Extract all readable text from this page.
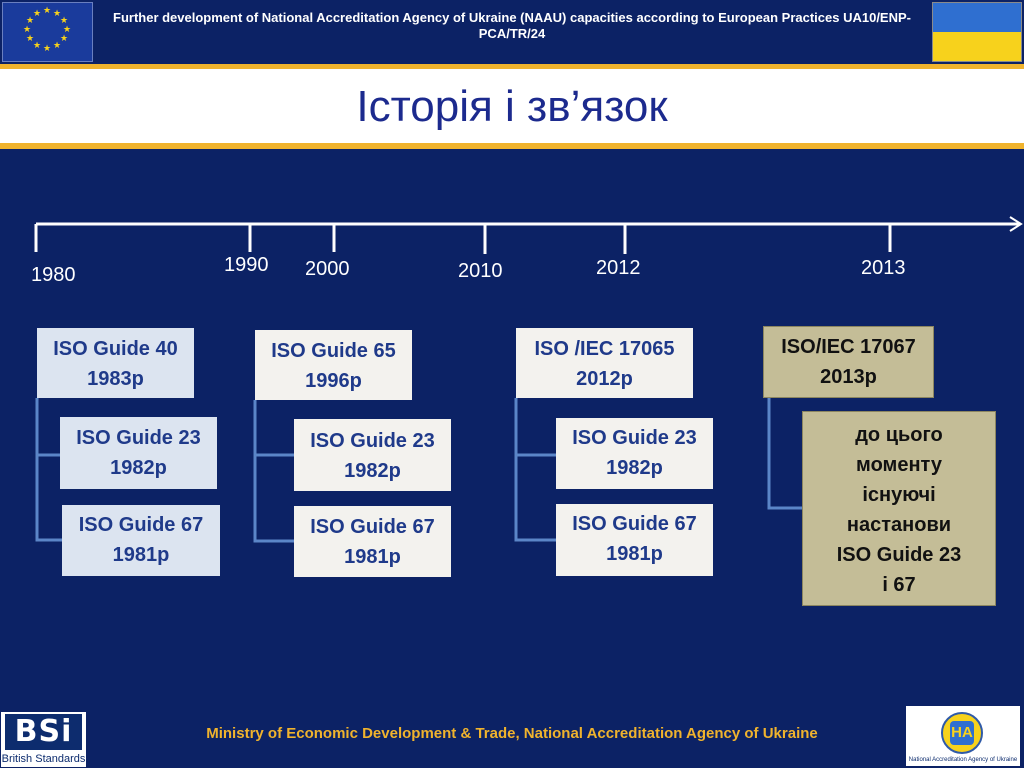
★ ★
★
★
★
★
★
★
★
★
★
★	Further development of National Accreditation Agency of Ukraine (NAAU) capacities according to European Practices UA10/ENP-PCA/TR/24
Історія і зв’язок
1980	1990 2000	2010	2012	2013
ISO Guide 40
1983р
ISO Guide 23
1982р
ISO Guide 67
1981р
ISO Guide 65
1996р
ISO Guide 23
1982р
ISO Guide 67
1981р
ISO /IEC 17065
2012р
ISO Guide 23
1982р
ISO Guide 67
1981р
ISO/IEC 17067
2013р
до цього
моменту
існуючі
настанови
ISO Guide 23
і 67
BSi
British Standards
Ministry of Economic Development & Trade, National Accreditation Agency of Ukraine	НА
National Accreditation Agency of Ukraine
